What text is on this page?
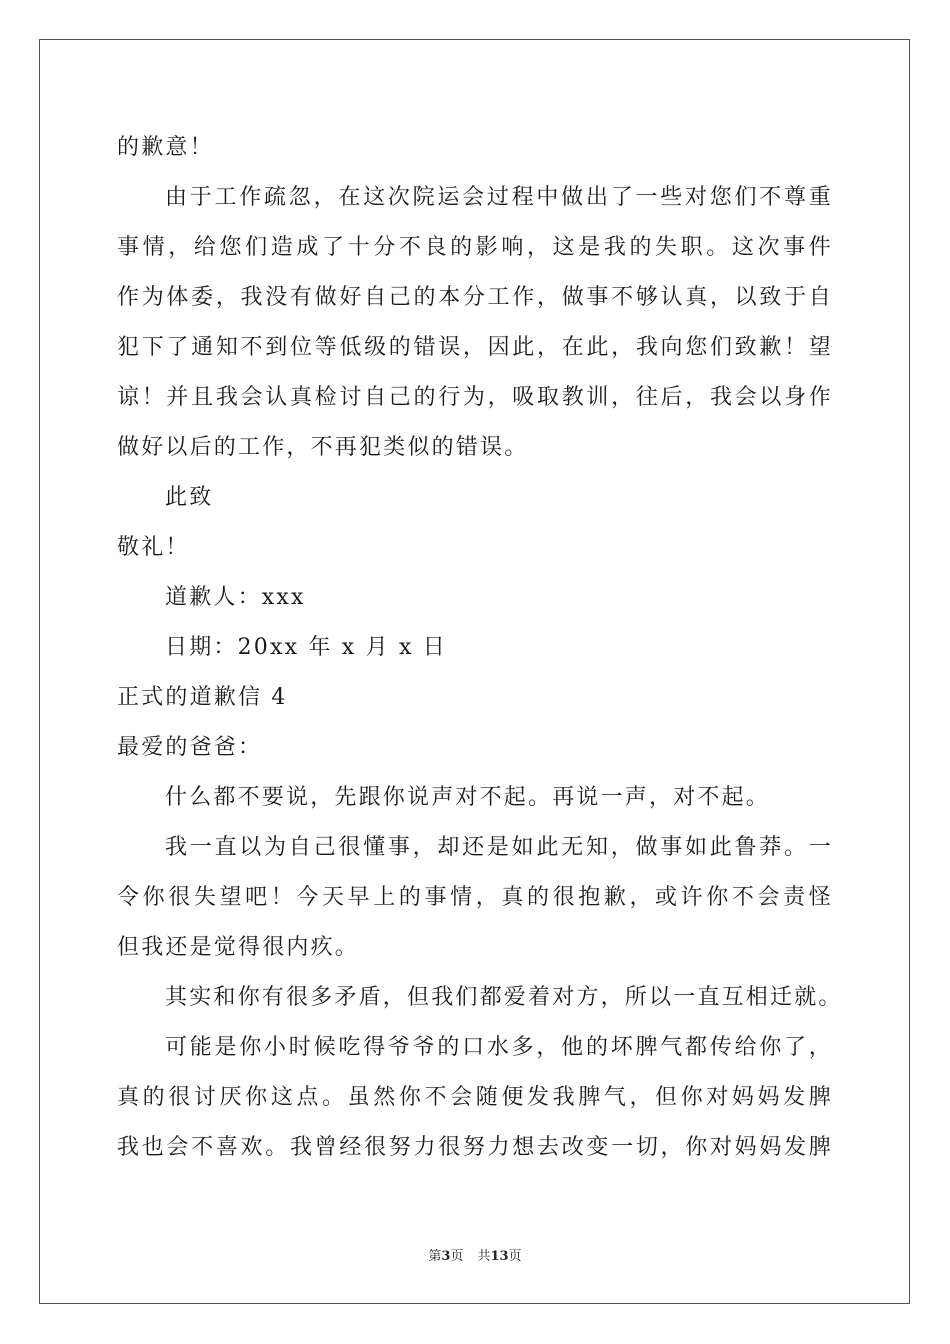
的歉意！
由于工作疏忽，在这次院运会过程中做出了一些对您们不尊重
事情，给您们造成了十分不良的影响，这是我的失职。这次事件
作为体委，我没有做好自己的本分工作，做事不够认真，以致于自
犯下了通知不到位等低级的错误，因此，在此，我向您们致歉！望
谅！并且我会认真检讨自己的行为，吸取教训，往后，我会以身作
做好以后的工作，不再犯类似的错误。
此致
敬礼！
道歉人：xxx
日期：20xx 年 x 月 x 日
正式的道歉信 4
最爱的爸爸：
什么都不要说，先跟你说声对不起。再说一声，对不起。
我一直以为自己很懂事，却还是如此无知，做事如此鲁莽。一
令你很失望吧！今天早上的事情，真的很抱歉，或许你不会责怪
但我还是觉得很内疚。
其实和你有很多矛盾，但我们都爱着对方，所以一直互相迁就。
可能是你小时候吃得爷爷的口水多，他的坏脾气都传给你了，
真的很讨厌你这点。虽然你不会随便发我脾气，但你对妈妈发脾
我也会不喜欢。我曾经很努力很努力想去改变一切，你对妈妈发脾
第3页 共13页
